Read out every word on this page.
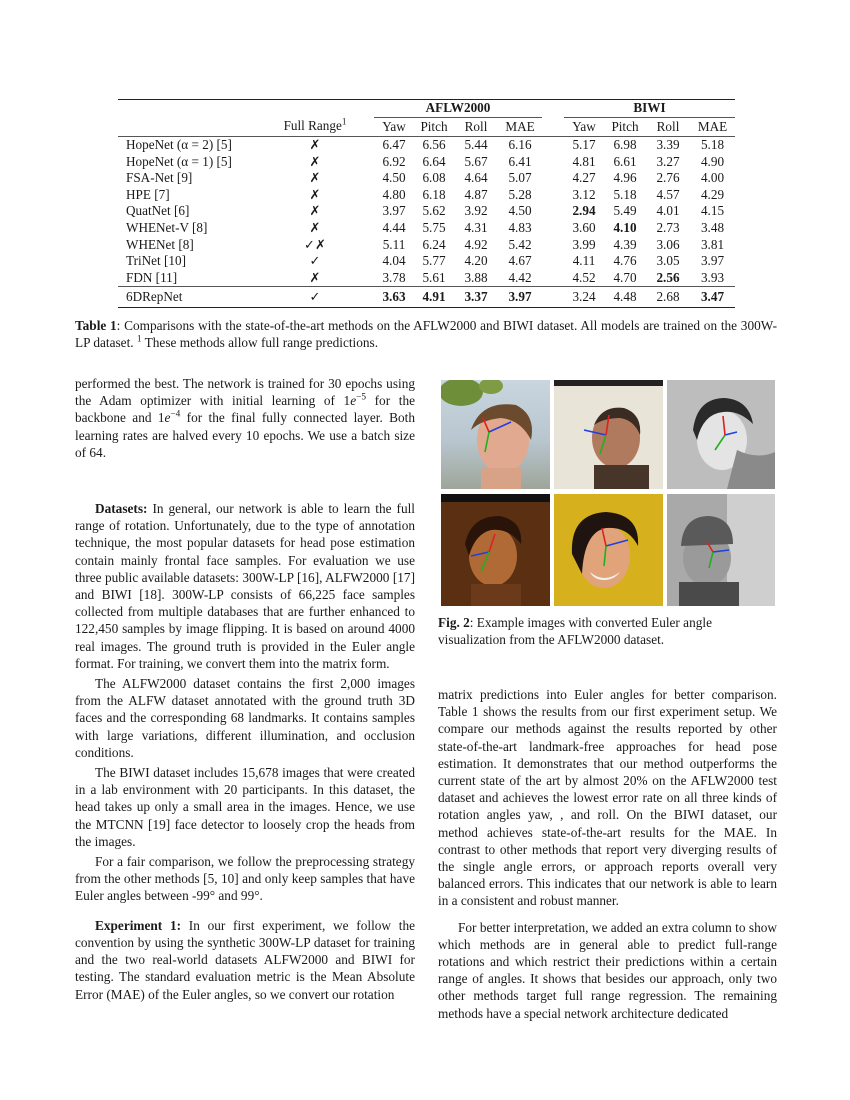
		AFLW2000					BIWI			
	Full Range$^1$	Yaw	Pitch	Roll	MAE		Yaw	Pitch	Roll	MAE
HopeNet (α = 2) [5]	✗	6.47	6.56	5.44	6.16		5.17	6.98	3.39	5.18
HopeNet (α = 1) [5]	✗	6.92	6.64	5.67	6.41		4.81	6.61	3.27	4.90
FSA-Net [9]	✗	4.50	6.08	4.64	5.07		4.27	4.96	2.76	4.00
HPE [7]	✗	4.80	6.18	4.87	5.28		3.12	5.18	4.57	4.29
QuatNet [6]	✗	3.97	5.62	3.92	4.50		2.94	5.49	4.01	4.15
WHENet-V [8]	✗	4.44	5.75	4.31	4.83		3.60	4.10	2.73	3.48
WHENet [8]	✓✗	5.11	6.24	4.92	5.42		3.99	4.39	3.06	3.81
TriNet [10]	✓	4.04	5.77	4.20	4.67		4.11	4.76	3.05	3.97
FDN [11]	✗	3.78	5.61	3.88	4.42		4.52	4.70	2.56	3.93
6DRepNet	✓	3.63	4.91	3.37	3.97		3.24	4.48	2.68	3.47
Table 1: Comparisons with the state-of-the-art methods on the AFLW2000 and BIWI dataset. All models are trained on the 300W-LP dataset. $^1$ These methods allow full range predictions.

performed the best. The network is trained for 30 epochs using the Adam optimizer with initial learning of $1e^{-5}$ for the backbone and $1e^{-4}$ for the final fully connected layer. Both learning rates are halved every 10 epochs. We use a batch size of 64.

Datasets: In general, our network is able to learn the full range of rotation. Unfortunately, due to the type of annotation technique, the most popular datasets for head pose estimation contain mainly frontal face samples. For evaluation we use three public available datasets: 300W-LP [16], ALFW2000 [17] and BIWI [18]. 300W-LP consists of 66,225 face samples collected from multiple databases that are further enhanced to 122,450 samples by image flipping. It is based on around 4000 real images. The ground truth is provided in the Euler angle format. For training, we convert them into the matrix form.

The ALFW2000 dataset contains the first 2,000 images from the ALFW dataset annotated with the ground truth 3D faces and the corresponding 68 landmarks. It contains samples with large variations, different illumination, and occlusion conditions.

The BIWI dataset includes 15,678 images that were created in a lab environment with 20 participants. In this dataset, the head takes up only a small area in the images. Hence, we use the MTCNN [19] face detector to loosely crop the heads from the images.

For a fair comparison, we follow the preprocessing strategy from the other methods [5, 10] and only keep samples that have Euler angles between -99° and 99°.

Experiment 1: In our first experiment, we follow the convention by using the synthetic 300W-LP dataset for training and the two real-world datasets ALFW2000 and BIWI for testing. The standard evaluation metric is the Mean Absolute Error (MAE) of the Euler angles, so we convert our rotation

Fig. 2: Example images with converted Euler angle visualization from the AFLW2000 dataset.

matrix predictions into Euler angles for better comparison. Table 1 shows the results from our first experiment setup. We compare our methods against the results reported by other state-of-the-art landmark-free approaches for head pose estimation. It demonstrates that our method outperforms the current state of the art by almost 20% on the AFLW2000 test dataset and achieves the lowest error rate on all three kinds of rotation angles yaw, , and roll. On the BIWI dataset, our method achieves state-of-the-art results for the MAE. In contrast to other methods that report very diverging results of the single angle errors, or approach reports overall very balanced errors. This indicates that our network is able to learn in a consistent and robust manner.

For better interpretation, we added an extra column to show which methods are in general able to predict full-range rotations and which restrict their predictions within a certain range of angles. It shows that besides our approach, only two other methods target full range regression. The remaining methods have a special network architecture dedicated
